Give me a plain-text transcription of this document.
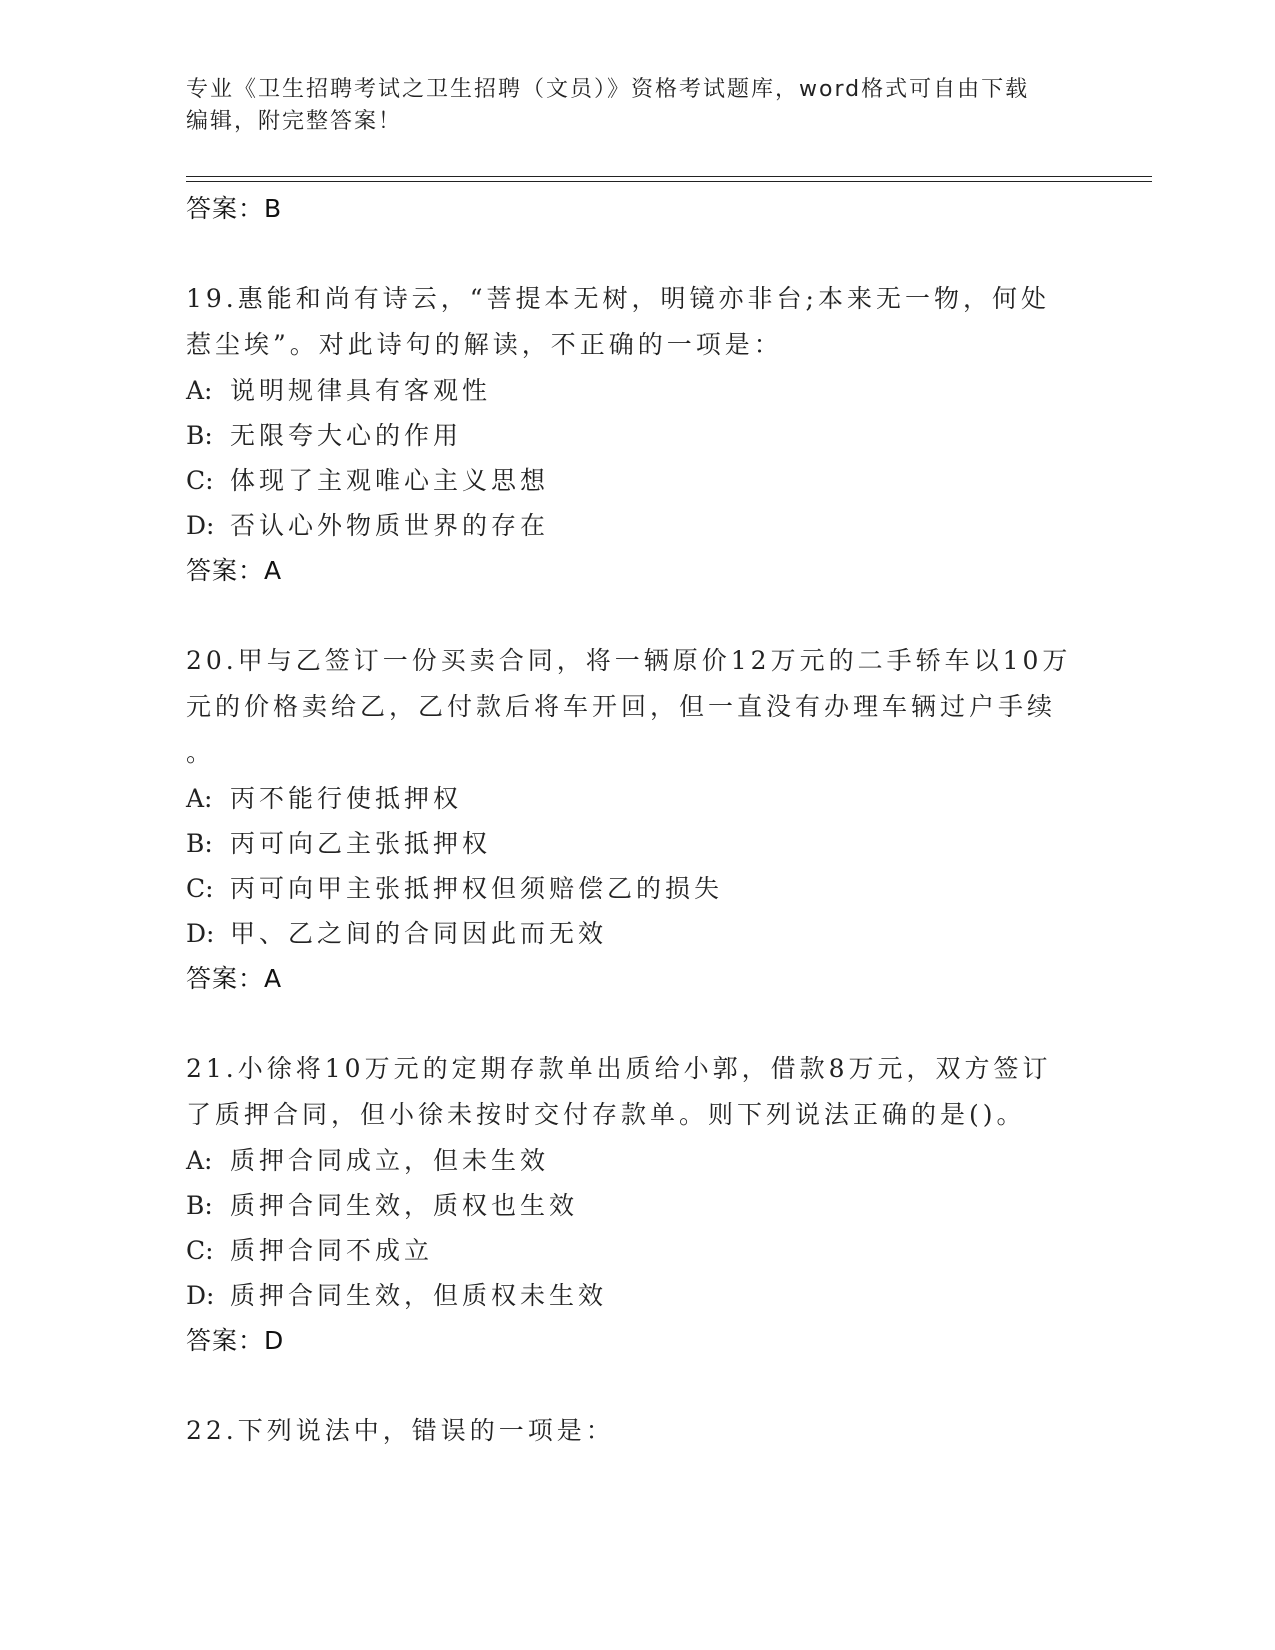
专业《卫生招聘考试之卫生招聘（文员）》资格考试题库，word格式可自由下载
编辑，附完整答案！
答案：B
19.惠能和尚有诗云，“菩提本无树，明镜亦非台;本来无一物，何处
惹尘埃”。对此诗句的解读，不正确的一项是：
A: 说明规律具有客观性
B: 无限夸大心的作用
C: 体现了主观唯心主义思想
D: 否认心外物质世界的存在
答案：A
20.甲与乙签订一份买卖合同，将一辆原价12万元的二手轿车以10万
元的价格卖给乙，乙付款后将车开回，但一直没有办理车辆过户手续
。
A: 丙不能行使抵押权
B: 丙可向乙主张抵押权
C: 丙可向甲主张抵押权但须赔偿乙的损失
D: 甲、乙之间的合同因此而无效
答案：A
21.小徐将10万元的定期存款单出质给小郭，借款8万元，双方签订
了质押合同，但小徐未按时交付存款单。则下列说法正确的是()。
A: 质押合同成立，但未生效
B: 质押合同生效，质权也生效
C: 质押合同不成立
D: 质押合同生效，但质权未生效
答案：D
22.下列说法中，错误的一项是：
